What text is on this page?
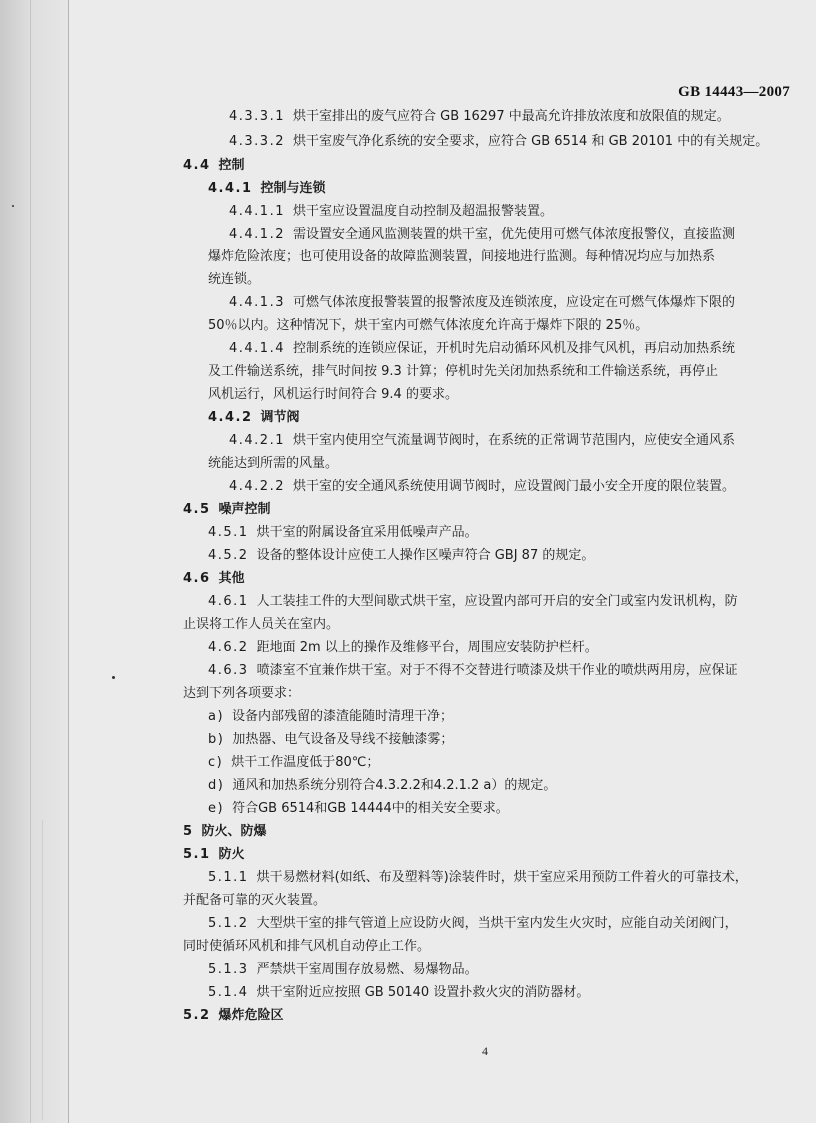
GB 14443—2007
4.3.3.1 烘干室排出的废气应符合 GB 16297 中最高允许排放浓度和放限值的规定。
4.3.3.2 烘干室废气净化系统的安全要求，应符合 GB 6514 和 GB 20101 中的有关规定。
4.4 控制
4.4.1 控制与连锁
4.4.1.1 烘干室应设置温度自动控制及超温报警装置。
4.4.1.2 需设置安全通风监测装置的烘干室，优先使用可燃气体浓度报警仪，直接监测
爆炸危险浓度；也可使用设备的故障监测装置，间接地进行监测。每种情况均应与加热系
统连锁。
4.4.1.3 可燃气体浓度报警装置的报警浓度及连锁浓度，应设定在可燃气体爆炸下限的
50％以内。这种情况下，烘干室内可燃气体浓度允许高于爆炸下限的 25％。
4.4.1.4 控制系统的连锁应保证，开机时先启动循环风机及排气风机，再启动加热系统
及工件输送系统，排气时间按 9.3 计算；停机时先关闭加热系统和工件输送系统，再停止
风机运行，风机运行时间符合 9.4 的要求。
4.4.2 调节阀
4.4.2.1 烘干室内使用空气流量调节阀时，在系统的正常调节范围内，应使安全通风系
统能达到所需的风量。
4.4.2.2 烘干室的安全通风系统使用调节阀时，应设置阀门最小安全开度的限位装置。
4.5 噪声控制
4.5.1 烘干室的附属设备宜采用低噪声产品。
4.5.2 设备的整体设计应使工人操作区噪声符合 GBJ 87 的规定。
4.6 其他
4.6.1 人工装挂工件的大型间歇式烘干室，应设置内部可开启的安全门或室内发讯机构，防
止误将工作人员关在室内。
4.6.2 距地面 2m 以上的操作及维修平台，周围应安装防护栏杆。
4.6.3 喷漆室不宜兼作烘干室。对于不得不交替进行喷漆及烘干作业的喷烘两用房，应保证
达到下列各项要求：
a) 设备内部残留的漆渣能随时清理干净；
b) 加热器、电气设备及导线不接触漆雾；
c) 烘干工作温度低于80℃；
d) 通风和加热系统分别符合4.3.2.2和4.2.1.2 a）的规定。
e) 符合GB 6514和GB 14444中的相关安全要求。
5 防火、防爆
5.1 防火
5.1.1 烘干易燃材料(如纸、布及塑料等)涂装件时，烘干室应采用预防工件着火的可靠技术，
并配备可靠的灭火装置。
5.1.2 大型烘干室的排气管道上应设防火阀，当烘干室内发生火灾时，应能自动关闭阀门，
同时使循环风机和排气风机自动停止工作。
5.1.3 严禁烘干室周围存放易燃、易爆物品。
5.1.4 烘干室附近应按照 GB 50140 设置扑救火灾的消防器材。
5.2 爆炸危险区
4
